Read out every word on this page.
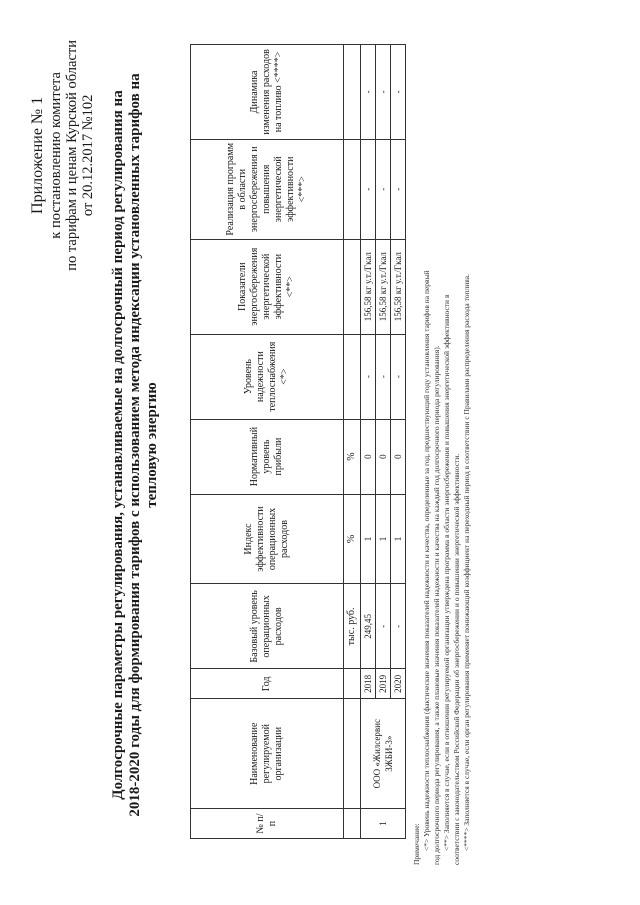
Приложение № 1 к постановлению комитета по тарифам и ценам Курской области от 20.12.2017 №102 Долгосрочные параметры регулирования, устанавливаемые на долгосрочный период регулирования на 2018-2020 годы для формирования тарифов с использованием метода индексации установленных тарифов на тепловую энергию
№ п/п	Наименование регулируемой организации	Год	Базовый уровень операционных расходов	Индекс эффективности операционных расходов	Нормативный уровень прибыли	Уровень надежности теплоснабжения <*>	Показатели энергосбережения энергетической эффективности <**>	Реализация программ в области энергосбережения и повышения энергетической эффективности <***>	Динамика изменения расходов на топливо <****>
			тыс. руб.	%	%				
1	ООО «Жилсервис ЗЖБИ-3»	2018	249,45	1	0	-	156,58 кг у.т./Гкал	-	-
		2019	-	1	0	-	156,58 кг у.т./Гкал	-	-
		2020	-	1	0	-	156,58 кг у.т./Гкал	-	-
Примечание: <*> Уровень надежности теплоснабжения (фактические значения показателей надежности и качества, определенные за год, предшествующий году установления тарифов на первый год долгосрочного периода регулирования, а также плановые значения показателей надежности и качества на каждый год долгосрочного периода регулирования). <**> Заполняется в случае, если в отношении регулируемой организации утверждена программа в области энергосбережения и повышения энергетической эффективности в соответствии с законодательством Российской Федерации об энергосбережении и о повышении энергетической эффективности. <****> Заполняется в случае, если орган регулирования применяет понижающий коэффициент на переходный период в соответствии с Правилами распределения расхода топлива.
